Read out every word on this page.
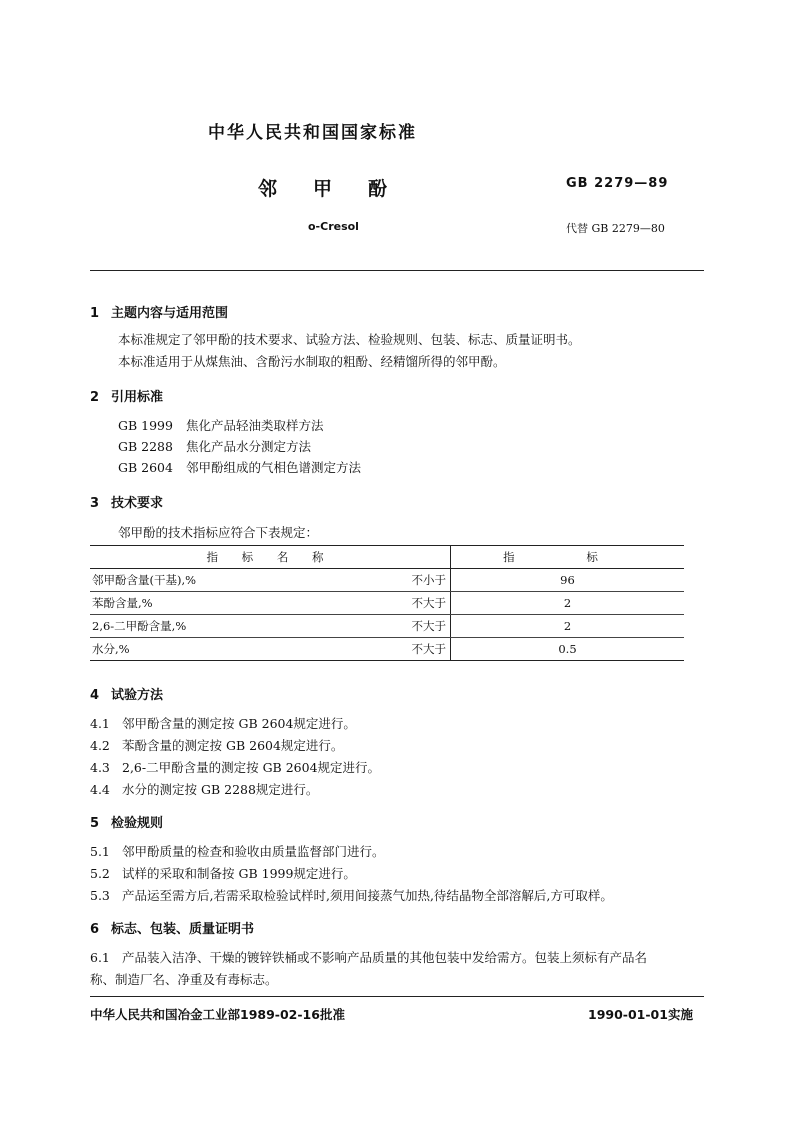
中华人民共和国国家标准
邻甲酚	GB 2279—89
o-Cresol	代替 GB 2279—80
1 主题内容与适用范围
本标准规定了邻甲酚的技术要求、试验方法、检验规则、包装、标志、质量证明书。
本标准适用于从煤焦油、含酚污水制取的粗酚、经精馏所得的邻甲酚。
2 引用标准
GB 1999 焦化产品轻油类取样方法
GB 2288 焦化产品水分测定方法
GB 2604 邻甲酚组成的气相色谱测定方法
3 技术要求
邻甲酚的技术指标应符合下表规定：
指 标 名 称		指 标
邻甲酚含量(干基),%	不小于	96
苯酚含量,%	不大于	2
2,6-二甲酚含量,%	不大于	2
水分,%	不大于	0.5
4 试验方法
4.1 邻甲酚含量的测定按 GB 2604规定进行。
4.2 苯酚含量的测定按 GB 2604规定进行。
4.3 2,6-二甲酚含量的测定按 GB 2604规定进行。
4.4 水分的测定按 GB 2288规定进行。
5 检验规则
5.1 邻甲酚质量的检查和验收由质量监督部门进行。
5.2 试样的采取和制备按 GB 1999规定进行。
5.3 产品运至需方后,若需采取检验试样时,须用间接蒸气加热,待结晶物全部溶解后,方可取样。
6 标志、包装、质量证明书
6.1 产品装入洁净、干燥的镀锌铁桶或不影响产品质量的其他包装中发给需方。包装上须标有产品名
称、制造厂名、净重及有毒标志。
中华人民共和国冶金工业部1989-02-16批准	1990-01-01实施
